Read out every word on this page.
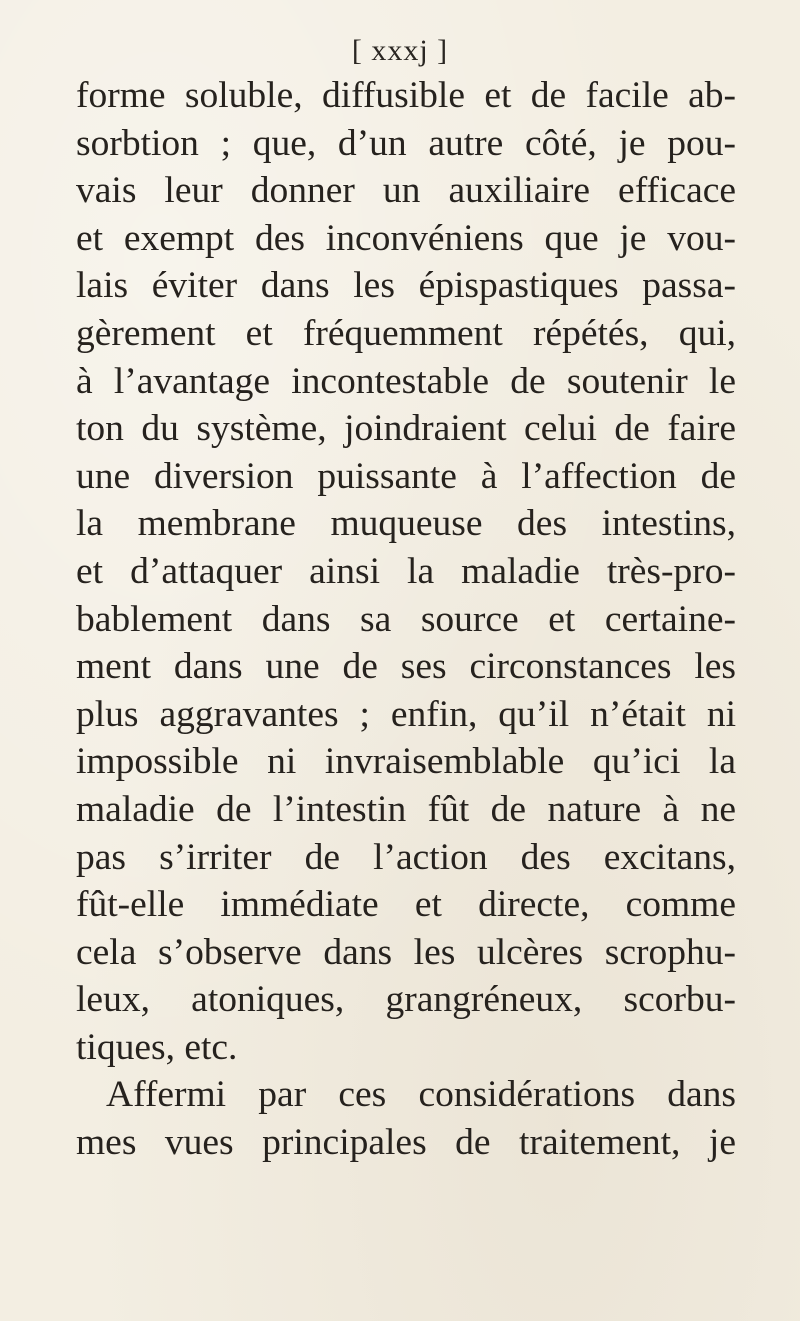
[ xxxj ]
forme soluble, diffusible et de facile ab-
sorbtion ; que, d’un autre côté, je pou-
vais leur donner un auxiliaire efficace
et exempt des inconvéniens que je vou-
lais éviter dans les épispastiques passa-
gèrement et fréquemment répétés, qui,
à l’avantage incontestable de soutenir le
ton du système, joindraient celui de faire
une diversion puissante à l’affection de
la membrane muqueuse des intestins,
et d’attaquer ainsi la maladie très-pro-
bablement dans sa source et certaine-
ment dans une de ses circonstances les
plus aggravantes ; enfin, qu’il n’était ni
impossible ni invraisemblable qu’ici la
maladie de l’intestin fût de nature à ne
pas s’irriter de l’action des excitans,
fût-elle immédiate et directe, comme
cela s’observe dans les ulcères scrophu-
leux, atoniques, grangréneux, scorbu-
tiques, etc.
Affermi par ces considérations dans
mes vues principales de traitement, je
